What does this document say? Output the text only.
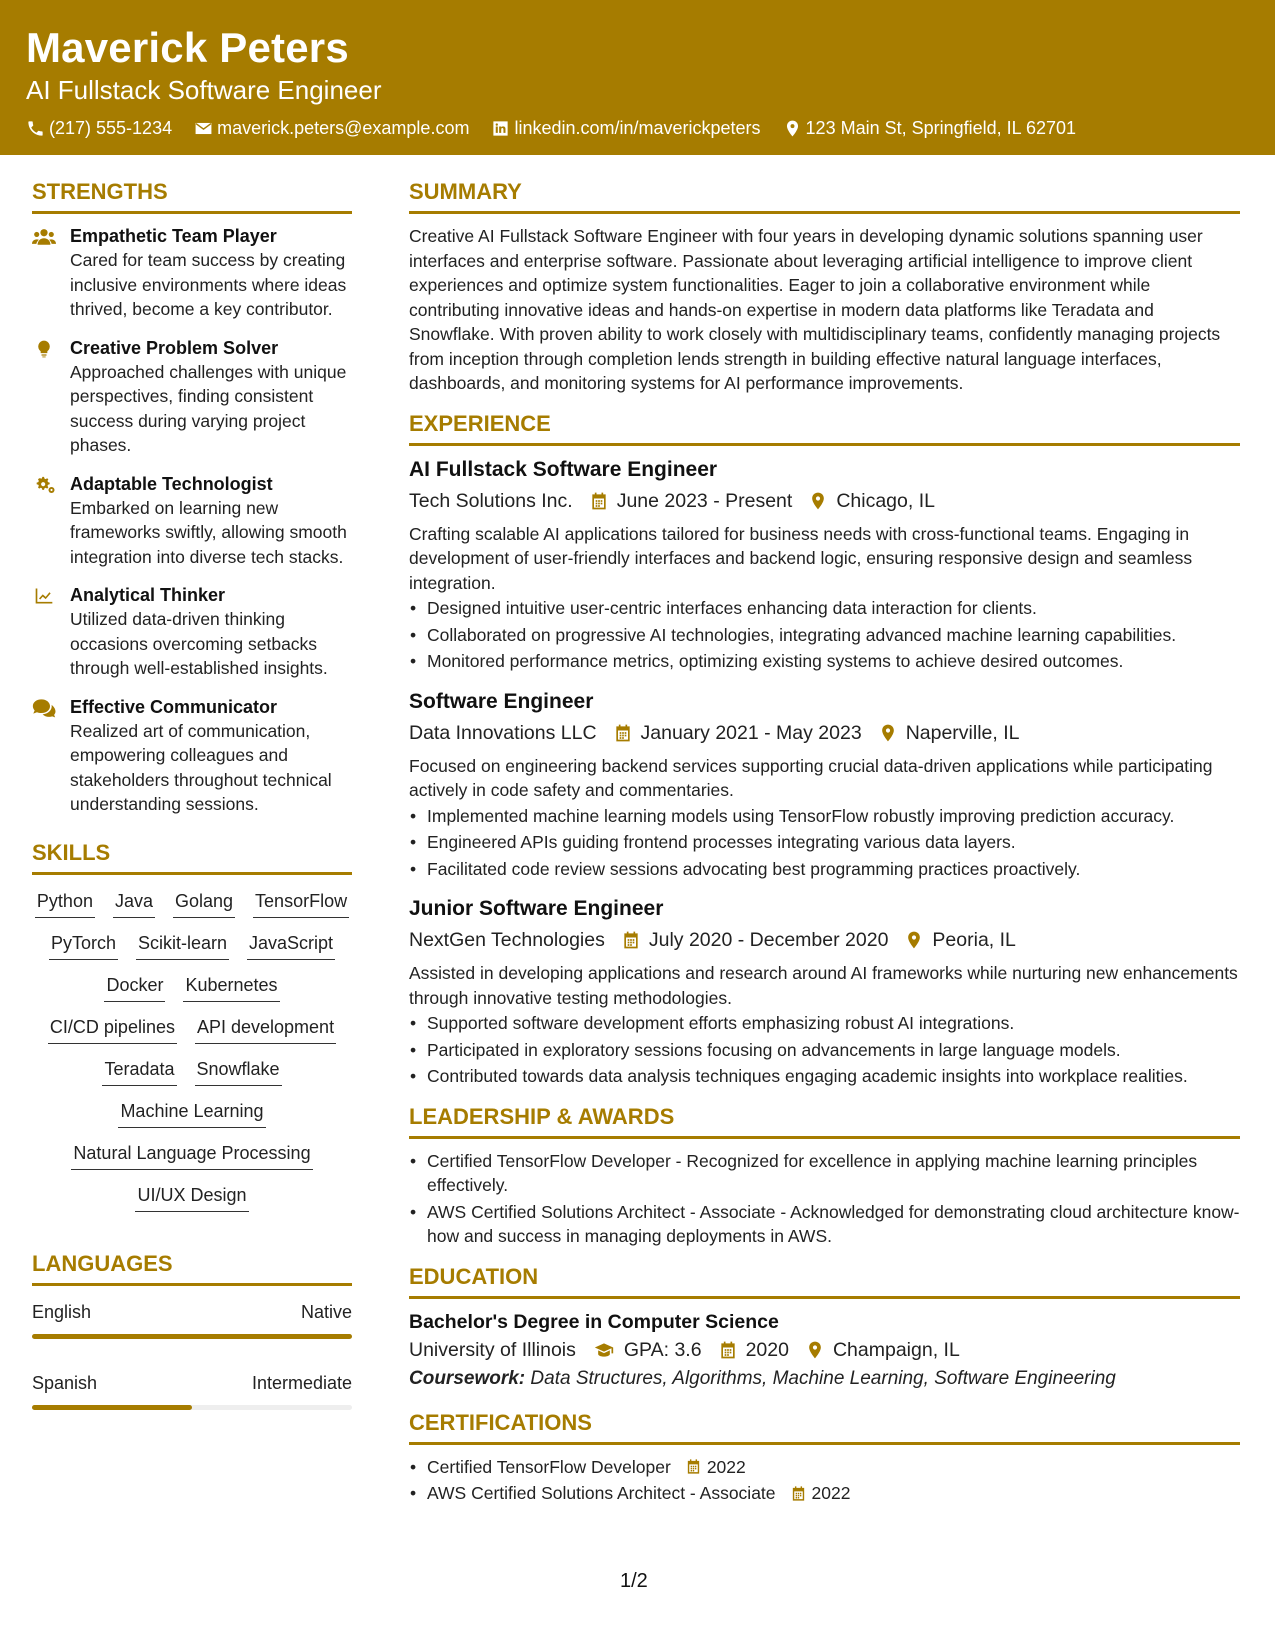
Maverick Peters
AI Fullstack Software Engineer
(217) 555-1234	maverick.peters@example.com	linkedin.com/in/maverickpeters	123 Main St, Springfield, IL 62701
STRENGTHS
Empathetic Team Player
Cared for team success by creating inclusive environments where ideas thrived, become a key contributor.
Creative Problem Solver
Approached challenges with unique perspectives, finding consistent success during varying project phases.
Adaptable Technologist
Embarked on learning new frameworks swiftly, allowing smooth integration into diverse tech stacks.
Analytical Thinker
Utilized data-driven thinking occasions overcoming setbacks through well-established insights.
Effective Communicator
Realized art of communication, empowering colleagues and stakeholders throughout technical understanding sessions.
SKILLS
Python Java Golang TensorFlow
PyTorch Scikit-learn JavaScript
Docker Kubernetes
CI/CD pipelines API development
Teradata Snowflake
Machine Learning
Natural Language Processing
UI/UX Design
LANGUAGES
English	Native
Spanish	Intermediate
SUMMARY
Creative AI Fullstack Software Engineer with four years in developing dynamic solutions spanning user interfaces and enterprise software. Passionate about leveraging artificial intelligence to improve client experiences and optimize system functionalities. Eager to join a collaborative environment while contributing innovative ideas and hands-on expertise in modern data platforms like Teradata and Snowflake. With proven ability to work closely with multidisciplinary teams, confidently managing projects from inception through completion lends strength in building effective natural language interfaces, dashboards, and monitoring systems for AI performance improvements.
EXPERIENCE
AI Fullstack Software Engineer
Tech Solutions Inc. June 2023 - Present Chicago, IL
Crafting scalable AI applications tailored for business needs with cross-functional teams. Engaging in development of user-friendly interfaces and backend logic, ensuring responsive design and seamless integration.
• Designed intuitive user-centric interfaces enhancing data interaction for clients.
• Collaborated on progressive AI technologies, integrating advanced machine learning capabilities.
• Monitored performance metrics, optimizing existing systems to achieve desired outcomes.
Software Engineer
Data Innovations LLC January 2021 - May 2023 Naperville, IL
Focused on engineering backend services supporting crucial data-driven applications while participating actively in code safety and commentaries.
• Implemented machine learning models using TensorFlow robustly improving prediction accuracy.
• Engineered APIs guiding frontend processes integrating various data layers.
• Facilitated code review sessions advocating best programming practices proactively.
Junior Software Engineer
NextGen Technologies July 2020 - December 2020 Peoria, IL
Assisted in developing applications and research around AI frameworks while nurturing new enhancements through innovative testing methodologies.
• Supported software development efforts emphasizing robust AI integrations.
• Participated in exploratory sessions focusing on advancements in large language models.
• Contributed towards data analysis techniques engaging academic insights into workplace realities.
LEADERSHIP & AWARDS
• Certified TensorFlow Developer - Recognized for excellence in applying machine learning principles effectively.
• AWS Certified Solutions Architect - Associate - Acknowledged for demonstrating cloud architecture know-how and success in managing deployments in AWS.
EDUCATION
Bachelor's Degree in Computer Science
University of Illinois GPA: 3.6 2020 Champaign, IL
Coursework: Data Structures, Algorithms, Machine Learning, Software Engineering
CERTIFICATIONS
• Certified TensorFlow Developer 2022
• AWS Certified Solutions Architect - Associate 2022
1/2
